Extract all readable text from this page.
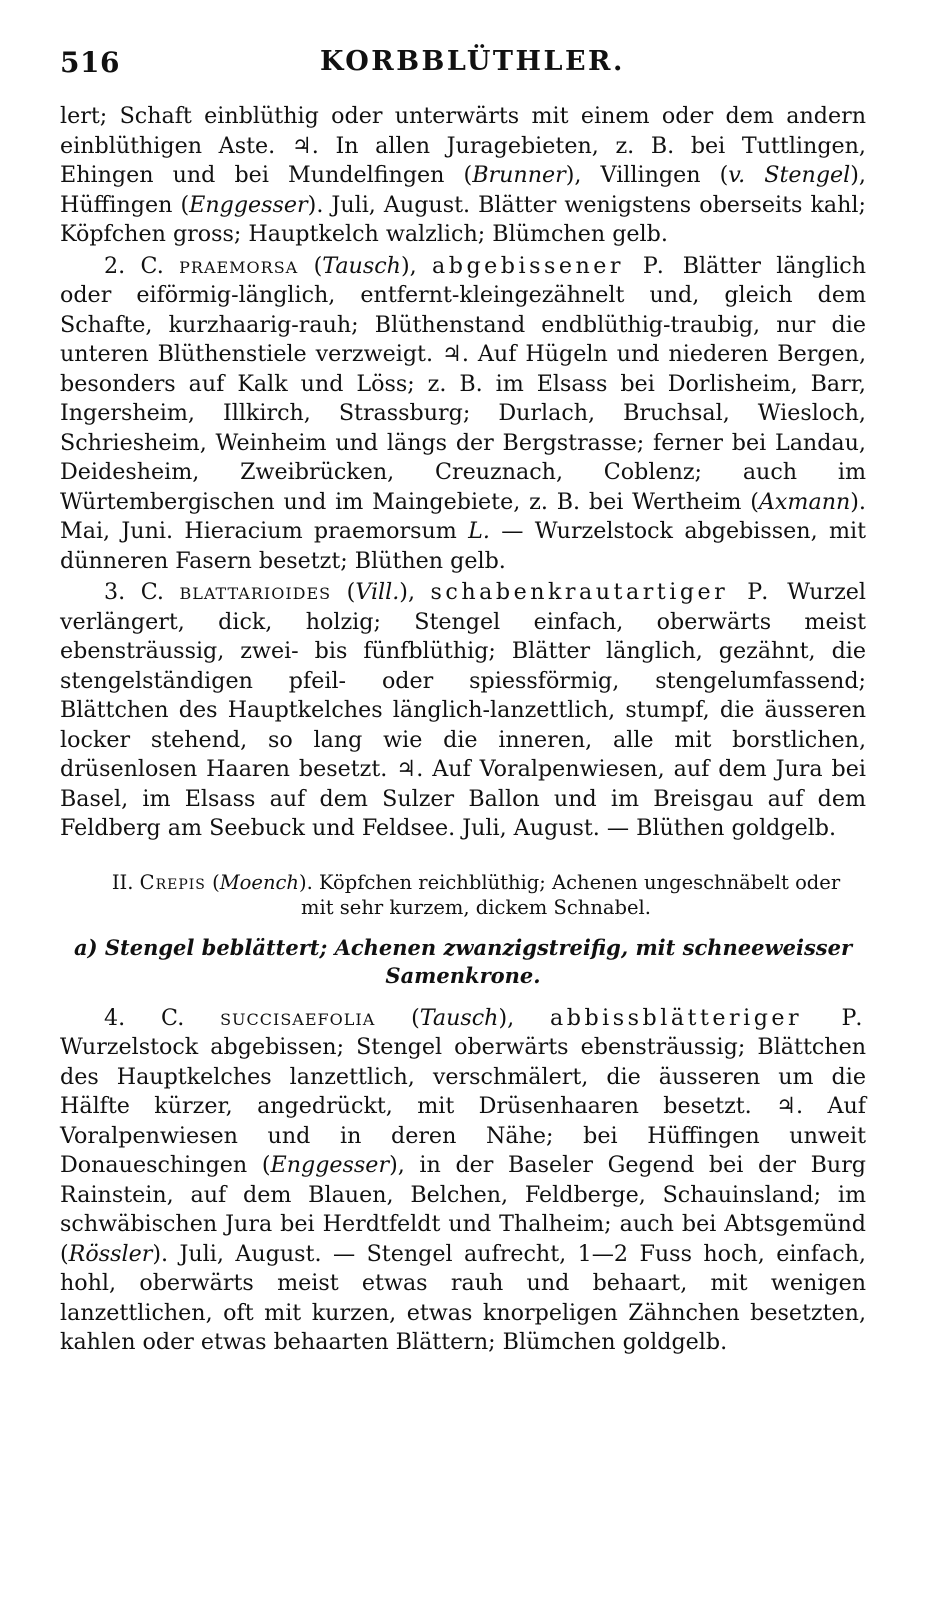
516	KORBBLÜTHLER.

lert; Schaft einblüthig oder unterwärts mit einem oder dem andern einblüthigen Aste. ♃. In allen Juragebieten, z. B. bei Tuttlingen, Ehingen und bei Mundelfingen (Brunner), Villingen (v. Stengel), Hüffingen (Enggesser). Juli, August. Blätter wenigstens oberseits kahl; Köpfchen gross; Hauptkelch walzlich; Blümchen gelb.

2. C. praemorsa (Tausch), abgebissener P. Blätter länglich oder eiförmig-länglich, entfernt-kleingezähnelt und, gleich dem Schafte, kurzhaarig-rauh; Blüthenstand endblüthig-traubig, nur die unteren Blüthenstiele verzweigt. ♃. Auf Hügeln und niederen Bergen, besonders auf Kalk und Löss; z. B. im Elsass bei Dorlisheim, Barr, Ingersheim, Illkirch, Strassburg; Durlach, Bruchsal, Wiesloch, Schriesheim, Weinheim und längs der Bergstrasse; ferner bei Landau, Deidesheim, Zweibrücken, Creuznach, Coblenz; auch im Würtembergischen und im Maingebiete, z. B. bei Wertheim (Axmann). Mai, Juni. Hieracium praemorsum L. — Wurzelstock abgebissen, mit dünneren Fasern besetzt; Blüthen gelb.

3. C. blattarioides (Vill.), schabenkrautartiger P. Wurzel verlängert, dick, holzig; Stengel einfach, oberwärts meist ebensträussig, zwei- bis fünfblüthig; Blätter länglich, gezähnt, die stengelständigen pfeil- oder spiessförmig, stengelumfassend; Blättchen des Hauptkelches länglich-lanzettlich, stumpf, die äusseren locker stehend, so lang wie die inneren, alle mit borstlichen, drüsenlosen Haaren besetzt. ♃. Auf Voralpenwiesen, auf dem Jura bei Basel, im Elsass auf dem Sulzer Ballon und im Breisgau auf dem Feldberg am Seebuck und Feldsee. Juli, August. — Blüthen goldgelb.

II. Crepis (Moench). Köpfchen reichblüthig; Achenen ungeschnäbelt oder mit sehr kurzem, dickem Schnabel.

a) Stengel beblättert; Achenen zwanzigstreifig, mit schneeweisser Samenkrone.

4. C. succisaefolia (Tausch), abbissblätteriger P. Wurzelstock abgebissen; Stengel oberwärts ebensträussig; Blättchen des Hauptkelches lanzettlich, verschmälert, die äusseren um die Hälfte kürzer, angedrückt, mit Drüsenhaaren besetzt. ♃. Auf Voralpenwiesen und in deren Nähe; bei Hüffingen unweit Donaueschingen (Enggesser), in der Baseler Gegend bei der Burg Rainstein, auf dem Blauen, Belchen, Feldberge, Schauinsland; im schwäbischen Jura bei Herdtfeldt und Thalheim; auch bei Abtsgemünd (Rössler). Juli, August. — Stengel aufrecht, 1—2 Fuss hoch, einfach, hohl, oberwärts meist etwas rauh und behaart, mit wenigen lanzettlichen, oft mit kurzen, etwas knorpeligen Zähnchen besetzten, kahlen oder etwas behaarten Blättern; Blümchen goldgelb.
